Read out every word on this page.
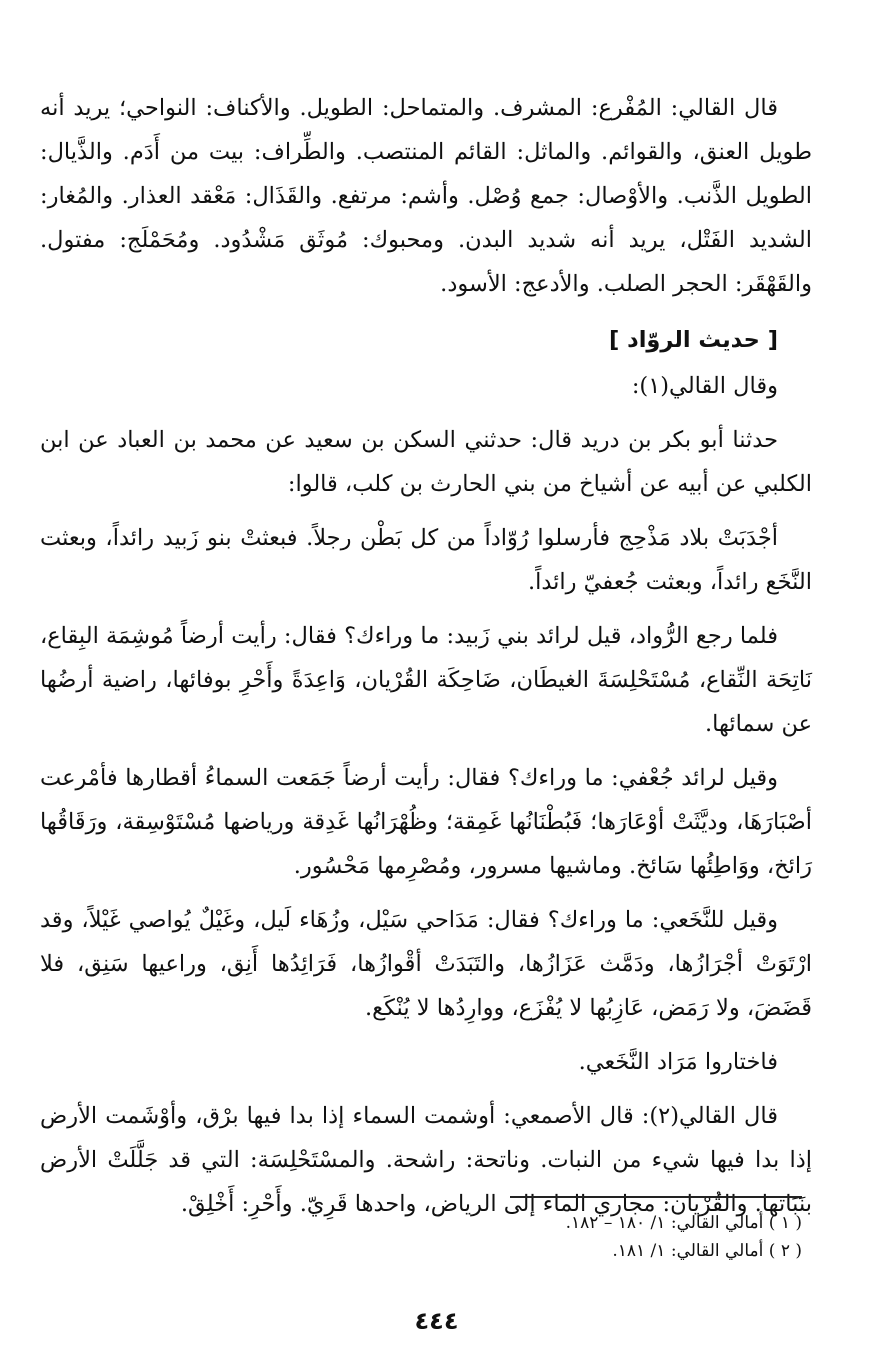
قال القالي: المُفْرع: المشرف. والمتماحل: الطويل. والأكناف: النواحي؛ يريد أنه طويل العنق، والقوائم. والماثل: القائم المنتصب. والطِّراف: بيت من أَدَم. والذَّيال: الطويل الذَّنب. والأوْصال: جمع وُصْل. وأشم: مرتفع. والقَذَال: مَعْقد العذار. والمُغار: الشديد الفَتْل، يريد أنه شديد البدن. ومحبوك: مُوثَق مَشْدُود. ومُحَمْلَج: مفتول. والقَهْقَر: الحجر الصلب. والأدعج: الأسود.

[ حديث الروّاد ]

وقال القالي(١):

حدثنا أبو بكر بن دريد قال: حدثني السكن بن سعيد عن محمد بن العباد عن ابن الكلبي عن أبيه عن أشياخ من بني الحارث بن كلب، قالوا:

أجْدَبَتْ بلاد مَذْحِج فأرسلوا رُوّاداً من كل بَطْن رجلاً. فبعثتْ بنو زَبيد رائداً، وبعثت النَّخَع رائداً، وبعثت جُعفيّ رائداً.

فلما رجع الرُّواد، قيل لرائد بني زَبيد: ما وراءك؟ فقال: رأيت أرضاً مُوشِمَة البِقاع، نَاتِحَة النِّقاع، مُسْتَحْلِسَةَ الغيطَان، ضَاحِكَة القُرْيان، وَاعِدَةً وأَحْرِ بوفائها، راضية أرضُها عن سمائها.

وقيل لرائد جُعْفي: ما وراءك؟ فقال: رأيت أرضاً جَمَعت السماءُ أقطارها فأمْرعت أصْبَارَهَا، وديَّثَتْ أوْعَارَها؛ فَبُطْنَانُها غَمِقة؛ وظُهْرَانُها غَدِقة ورياضها مُسْتَوْسِقة، ورَقَاقُها رَائخ، ووَاطِئُها سَائخ. وماشيها مسرور، ومُصْرِمها مَحْسُور.

وقيل للنَّخَعي: ما وراءك؟ فقال: مَدَاحي سَيْل، وزُهَاء لَيل، وغَيْلٌ يُواصي غَيْلاً، وقد ارْتَوَتْ أجْرَازُها، ودَمَّث عَزَازُها، والتَبَدَتْ أقْوازُها، فَرَائِدُها أَنِق، وراعيها سَنِق، فلا قَضَضَ، ولا رَمَض، عَازِبُها لا يُفْزَع، ووارِدُها لا يُنْكَع.

فاختاروا مَرَاد النَّخَعي.

قال القالي(٢): قال الأصمعي: أوشمت السماء إذا بدا فيها برْق، وأوْشَمت الأرض إذا بدا فيها شيء من النبات. وناتحة: راشحة. والمسْتَحْلِسَة: التي قد جَلَّلَتْ الأرض بنَبَاتها. والقُرْيان: مجاري الماء إلى الرياض، واحدها قَرِيّ. وأَحْرِ: أَخْلِقْ.

( ١ ) أمالي القالي: ١/ ١٨٠ – ١٨٢.

( ٢ ) أمالي القالي: ١/ ١٨١.

٤٤٤
